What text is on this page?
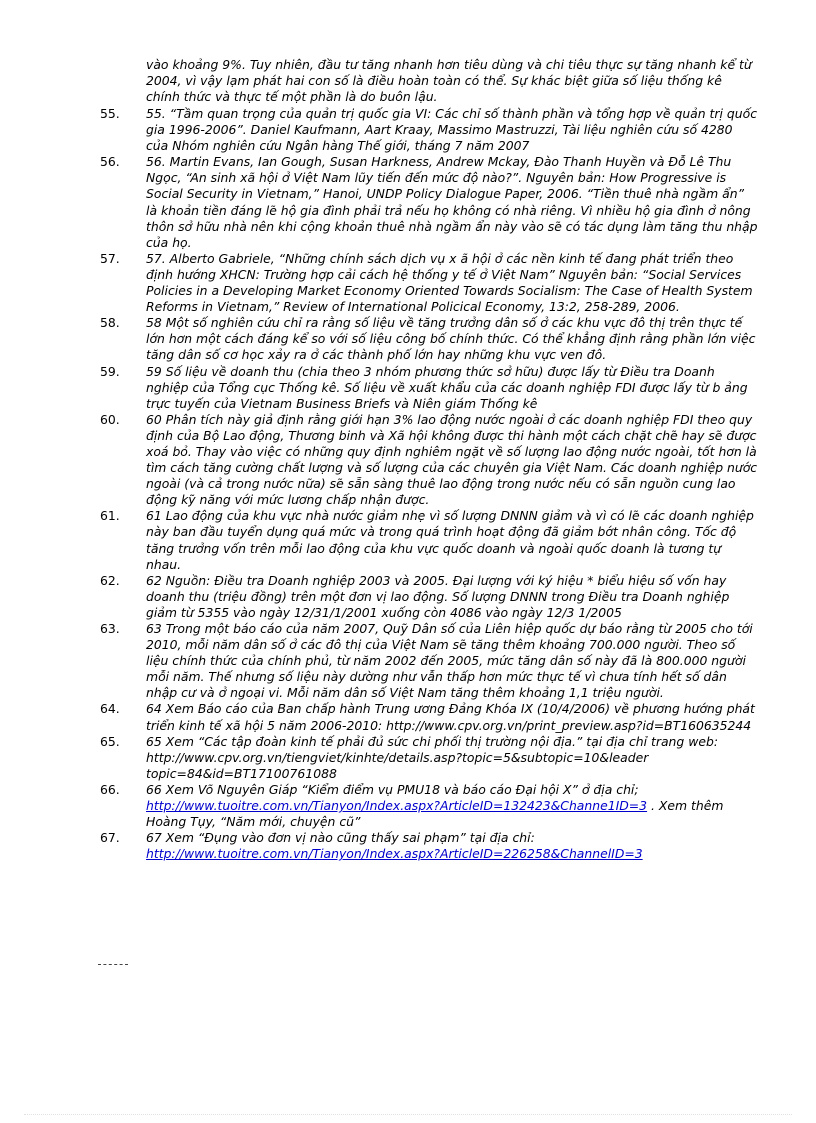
vào khoảng 9%. Tuy nhiên, đầu tư tăng nhanh hơn tiêu dùng và chi tiêu thực sự tăng nhanh kể từ 2004, vì vậy lạm phát hai con số là điều hoàn toàn có thể. Sự khác biệt giữa số liệu thống kê chính thức và thực tế một phần là do buôn lậu.
55.	55. “Tầm quan trọng của quản trị quốc gia VI: Các chỉ số thành phần và tổng hợp về quản trị quốc gia 1996-2006”. Daniel Kaufmann, Aart Kraay, Massimo Mastruzzi, Tài liệu nghiên cứu số 4280 của Nhóm nghiên cứu Ngân hàng Thế giới, tháng 7 năm 2007
56.	56. Martin Evans, Ian Gough, Susan Harkness, Andrew Mckay, Đào Thanh Huyền và Đỗ Lê Thu Ngọc, “An sinh xã hội ở Việt Nam lũy tiến đến mức độ nào?”. Nguyên bản: How Progressive is Social Security in Vietnam,” Hanoi, UNDP Policy Dialogue Paper, 2006. “Tiền thuê nhà ngầm ẩn” là khoản tiền đáng lẽ hộ gia đình phải trả nếu họ không có nhà riêng. Vì nhiều hộ gia đình ở nông thôn sở hữu nhà nên khi cộng khoản thuê nhà ngầm ẩn này vào sẽ có tác dụng làm tăng thu nhập của họ.
57.	57. Alberto Gabriele, “Những chính sách dịch vụ x ã hội ở các nền kinh tế đang phát triển theo định hướng XHCN: Trường hợp cải cách hệ thống y tế ở Việt Nam” Nguyên bản: “Social Services Policies in a Developing Market Economy Oriented Towards Socialism: The Case of Health System Reforms in Vietnam,” Review of International Policical Economy, 13:2, 258-289, 2006.
58.	58 Một số nghiên cứu chỉ ra rằng số liệu về tăng trưởng dân số ở các khu vực đô thị trên thực tế lớn hơn một cách đáng kể so với số liệu công bố chính thức. Có thể khẳng định rằng phần lớn việc tăng dân số cơ học xảy ra ở các thành phố lớn hay những khu vực ven đô.
59.	59 Số liệu về doanh thu (chia theo 3 nhóm phương thức sở hữu) được lấy từ Điều tra Doanh nghiệp của Tổng cục Thống kê. Số liệu về xuất khẩu của các doanh nghiệp FDI được lấy từ b ảng trực tuyến của Vietnam Business Briefs và Niên giám Thống kê
60.	60 Phân tích này giả định rằng giới hạn 3% lao động nước ngoài ở các doanh nghiệp FDI theo quy định của Bộ Lao động, Thương binh và Xã hội không được thi hành một cách chặt chẽ hay sẽ được xoá bỏ. Thay vào việc có những quy định nghiêm ngặt về số lượng lao động nước ngoài, tốt hơn là tìm cách tăng cường chất lượng và số lượng của các chuyên gia Việt Nam. Các doanh nghiệp nước ngoài (và cả trong nước nữa) sẽ sẵn sàng thuê lao động trong nước nếu có sẵn nguồn cung lao động kỹ năng với mức lương chấp nhận được.
61.	61 Lao động của khu vực nhà nước giảm nhẹ vì số lượng DNNN giảm và vì có lẽ các doanh nghiệp này ban đầu tuyển dụng quá mức và trong quá trình hoạt động đã giảm bớt nhân công. Tốc độ tăng trưởng vốn trên mỗi lao động của khu vực quốc doanh và ngoài quốc doanh là tương tự nhau.
62.	62 Nguồn: Điều tra Doanh nghiệp 2003 và 2005. Đại lượng với ký hiệu * biểu hiệu số vốn hay doanh thu (triệu đồng) trên một đơn vị lao động. Số lượng DNNN trong Điều tra Doanh nghiệp giảm từ 5355 vào ngày 12/31/1/2001 xuống còn 4086 vào ngày 12/3 1/2005
63.	63 Trong một báo cáo của năm 2007, Quỹ Dân số của Liên hiệp quốc dự báo rằng từ 2005 cho tới 2010, mỗi năm dân số ở các đô thị của Việt Nam sẽ tăng thêm khoảng 700.000 người. Theo số liệu chính thức của chính phủ, từ năm 2002 đến 2005, mức tăng dân số này đã là 800.000 người mỗi năm. Thế nhưng số liệu này dường như vẫn thấp hơn mức thực tế vì chưa tính hết số dân nhập cư và ở ngoại vi. Mỗi năm dân số Việt Nam tăng thêm khoảng 1,1 triệu người.
64.	64 Xem Báo cáo của Ban chấp hành Trung ương Đảng Khóa IX (10/4/2006) về phương hướng phát triển kinh tế xã hội 5 năm 2006-2010: http://www.cpv.org.vn/print_preview.asp?id=BT160635244
65.	65 Xem “Các tập đoàn kinh tế phải đủ sức chi phối thị trường nội địa.” tại địa chỉ trang web: http://www.cpv.org.vn/tiengviet/kinhte/details.asp?topic=5&subtopic=10&leader topic=84&id=BT17100761088
66.	66 Xem Võ Nguyên Giáp “Kiểm điểm vụ PMU18 và báo cáo Đại hội X” ở địa chỉ; http://www.tuoitre.com.vn/Tianyon/Index.aspx?ArticleID=132423&Channe1ID=3 . Xem thêm Hoàng Tụy, “Năm mới, chuyện cũ”
67.	67 Xem “Đụng vào đơn vị nào cũng thấy sai phạm” tại địa chỉ: http://www.tuoitre.com.vn/Tianyon/Index.aspx?ArticleID=226258&ChannelID=3
